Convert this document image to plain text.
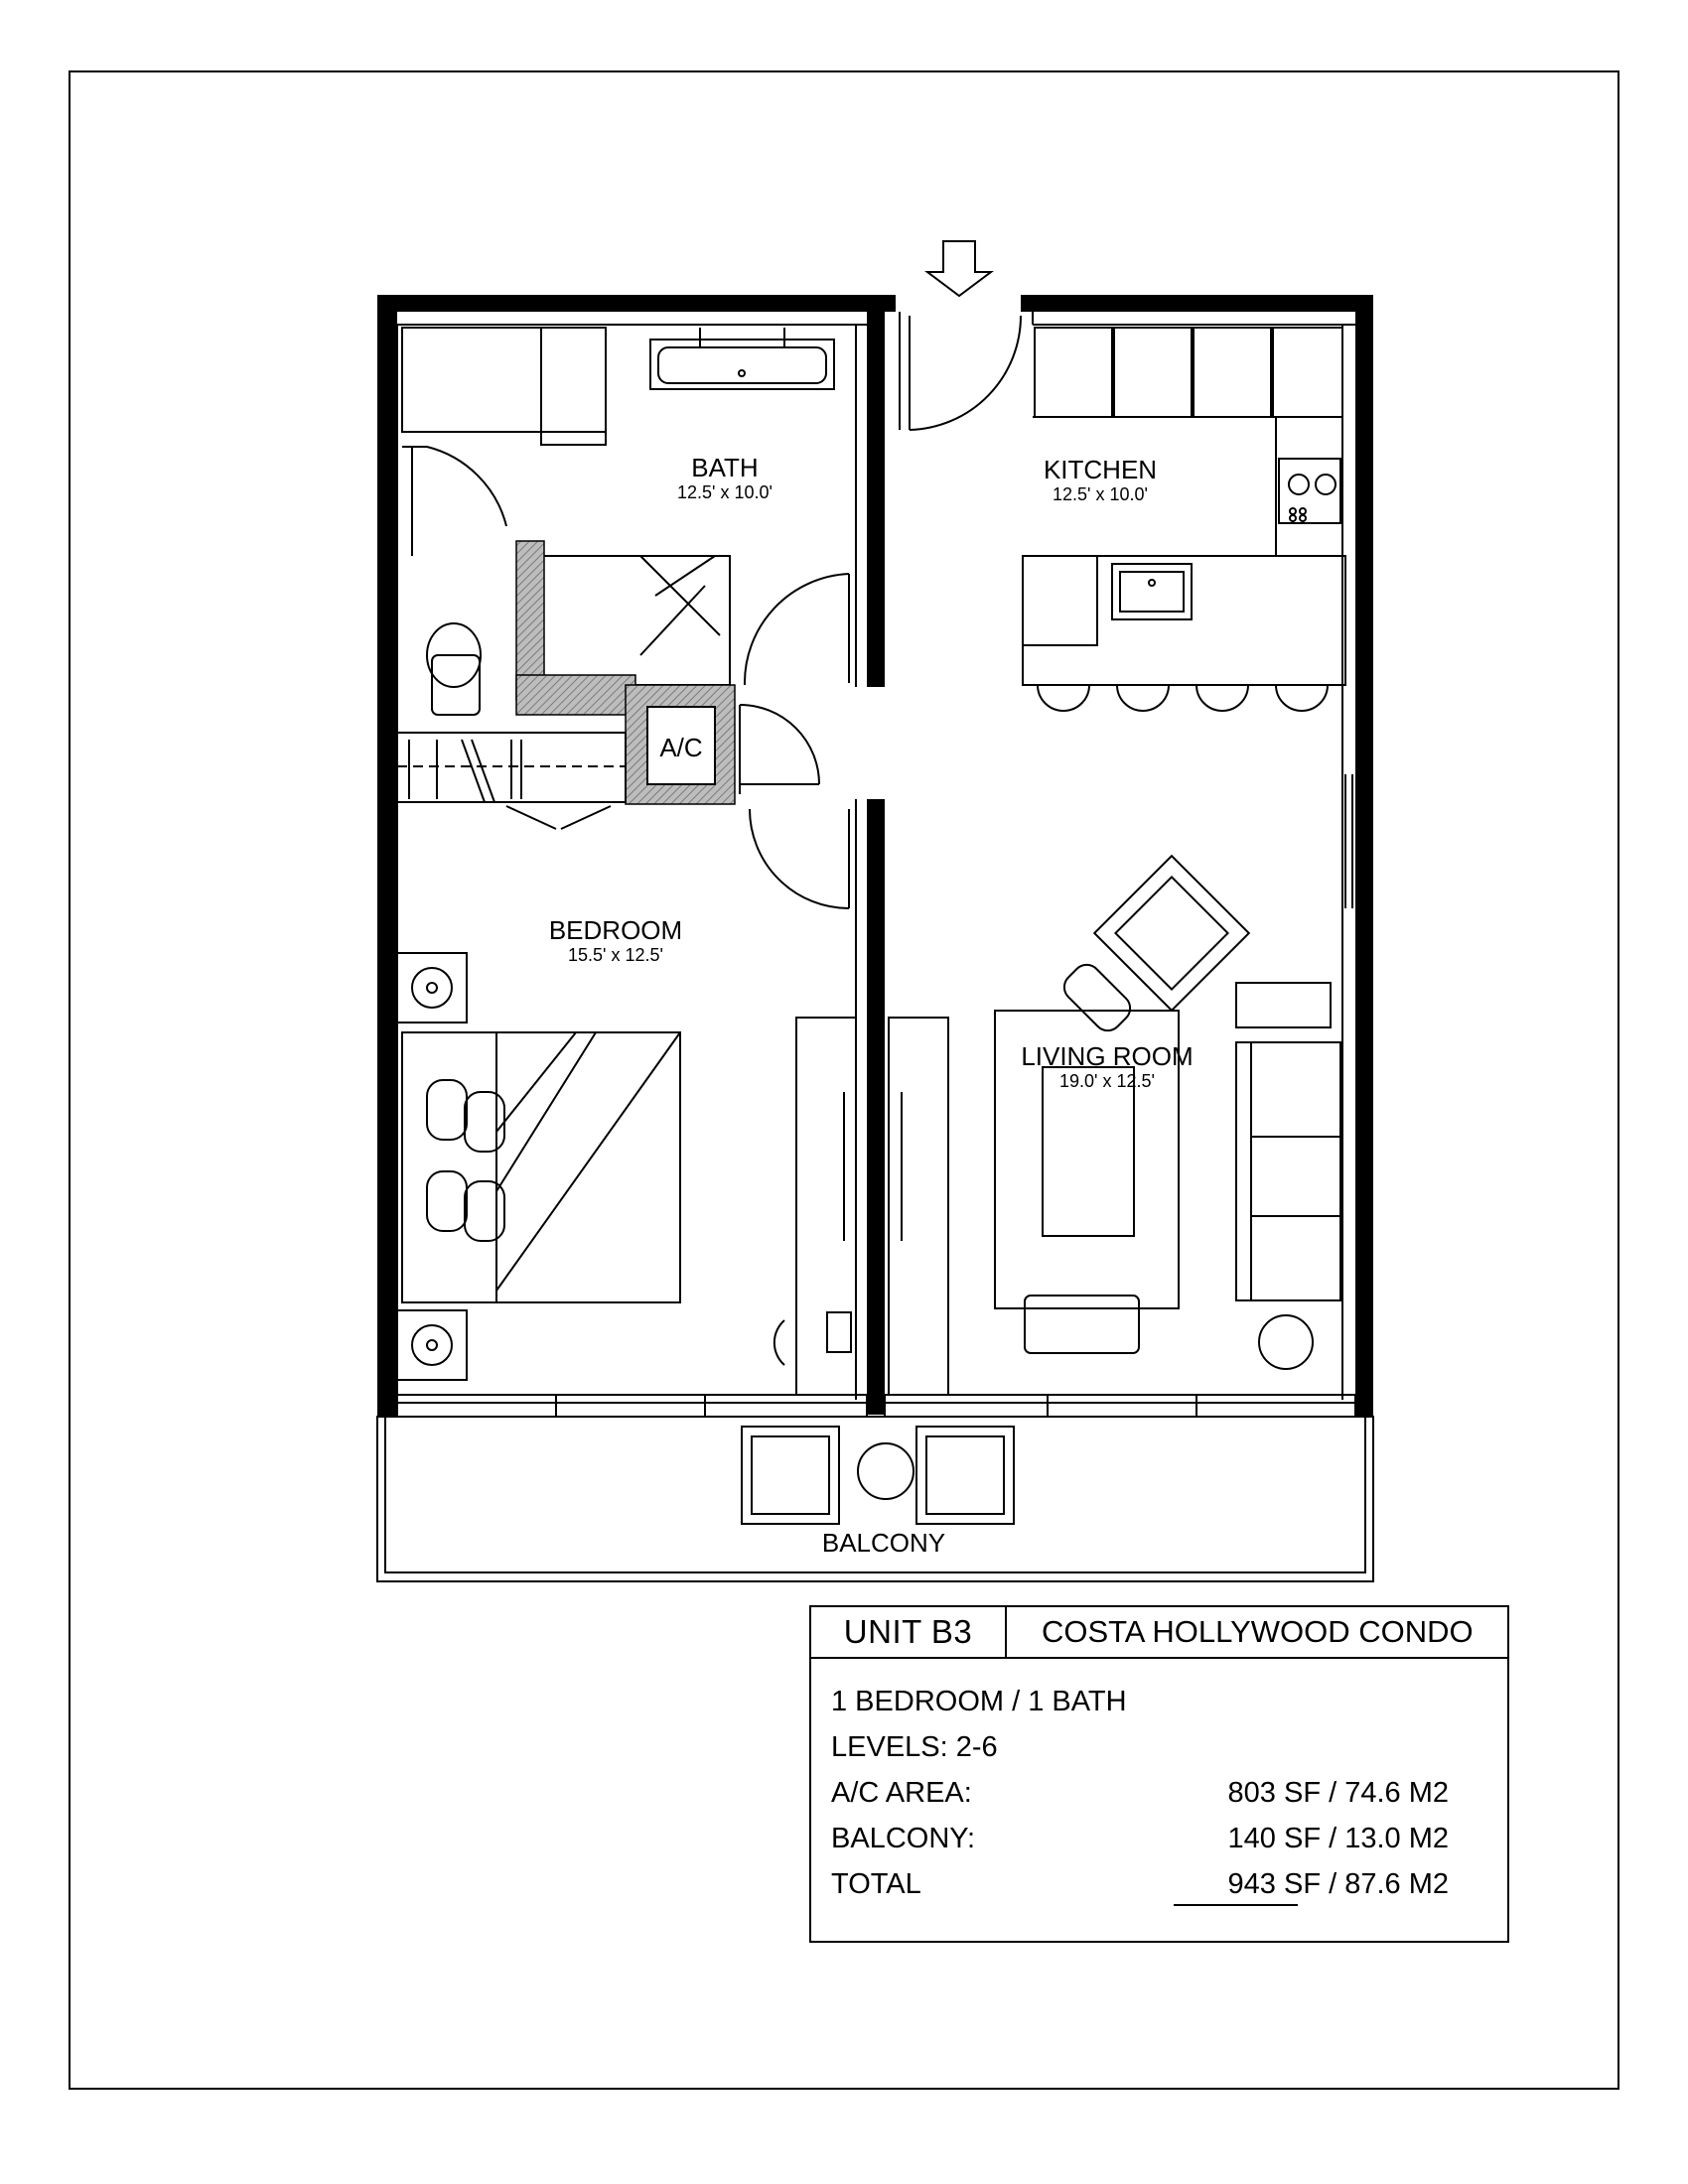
BATH
12.5' x 10.0'
KITCHEN
12.5' x 10.0'
BEDROOM
15.5' x 12.5'
LIVING ROOM
19.0' x 12.5'
A/C
BALCONY
UNIT B3	COSTA HOLLYWOOD CONDO
1 BEDROOM / 1 BATH
LEVELS: 2-6
A/C AREA:	803 SF / 74.6 M2
BALCONY:	140 SF / 13.0 M2
TOTAL	943 SF / 87.6 M2
